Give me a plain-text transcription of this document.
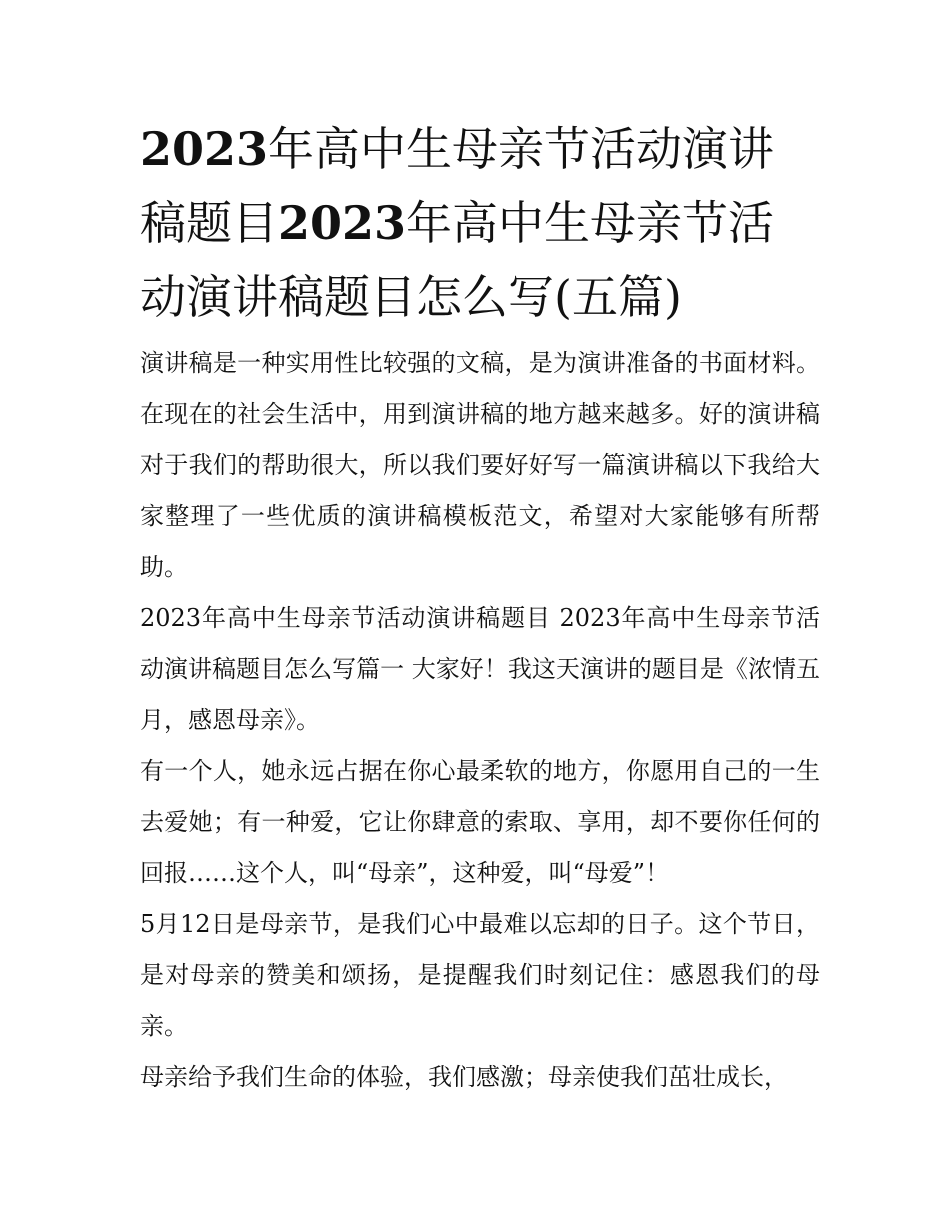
2023年高中生母亲节活动演讲稿题目2023年高中生母亲节活动演讲稿题目怎么写(五篇)

演讲稿是一种实用性比较强的文稿，是为演讲准备的书面材料。在现在的社会生活中，用到演讲稿的地方越来越多。好的演讲稿对于我们的帮助很大，所以我们要好好写一篇演讲稿以下我给大家整理了一些优质的演讲稿模板范文，希望对大家能够有所帮助。

2023年高中生母亲节活动演讲稿题目 2023年高中生母亲节活动演讲稿题目怎么写篇一 大家好！我这天演讲的题目是《浓情五月，感恩母亲》。

有一个人，她永远占据在你心最柔软的地方，你愿用自己的一生去爱她；有一种爱，它让你肆意的索取、享用，却不要你任何的回报……这个人，叫“母亲”，这种爱，叫“母爱”！

5月12日是母亲节，是我们心中最难以忘却的日子。这个节日，是对母亲的赞美和颂扬，是提醒我们时刻记住：感恩我们的母亲。

母亲给予我们生命的体验，我们感激；母亲使我们茁壮成长，
